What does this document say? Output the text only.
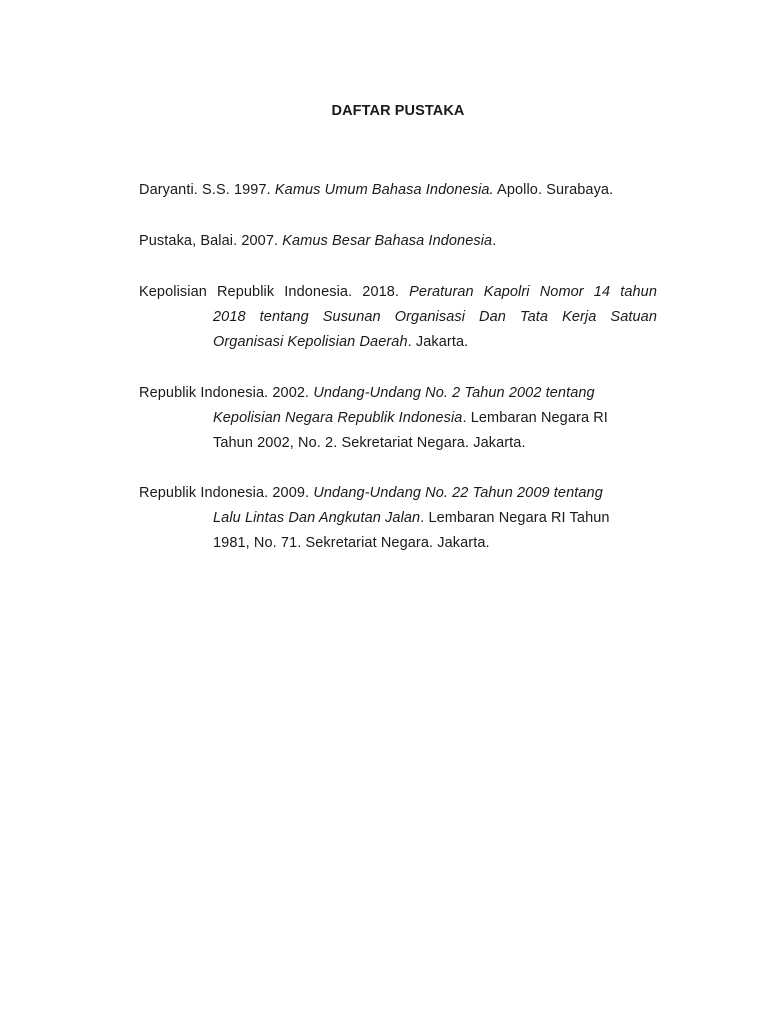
DAFTAR PUSTAKA
Daryanti. S.S. 1997. Kamus Umum Bahasa Indonesia. Apollo. Surabaya.
Pustaka, Balai. 2007. Kamus Besar Bahasa Indonesia.
Kepolisian Republik Indonesia. 2018. Peraturan Kapolri Nomor 14 tahun
2018 tentang Susunan Organisasi Dan Tata Kerja Satuan
Organisasi Kepolisian Daerah. Jakarta.
Republik Indonesia. 2002. Undang-Undang No. 2 Tahun 2002 tentang
Kepolisian Negara Republik Indonesia. Lembaran Negara RI
Tahun 2002, No. 2. Sekretariat Negara. Jakarta.
Republik Indonesia. 2009. Undang-Undang No. 22 Tahun 2009 tentang
Lalu Lintas Dan Angkutan Jalan. Lembaran Negara RI Tahun
1981, No. 71. Sekretariat Negara. Jakarta.
